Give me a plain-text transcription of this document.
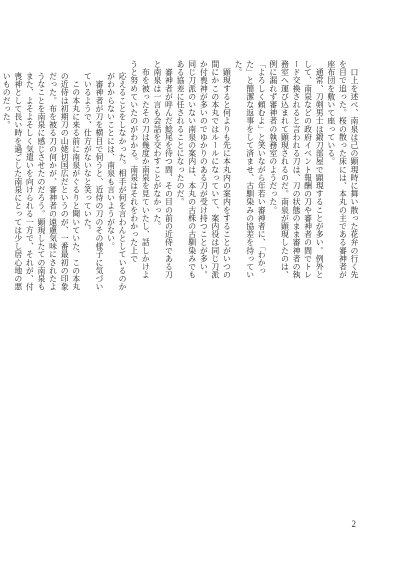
　口上を述べ、南泉は己の顕現時に舞い散った花弁の行く先を目で追った。桜の散った床には、本丸の主である審神者が座布団を敷いて座っている。

　通常、刀剣男士は鍛刀部屋で顕現することが多い。例外として、南泉などの政府イベント報酬の刀や審神者の間でトレード交換されると言われる刀は、刀の状態のまま審神者の執務室へ運び込まれて顕現されるのだ。南泉が顕現したのは、例に漏れず審神者の執務室のようだった。

「よろしく頼むよ」と笑いながら年若い審神者に、「わかった」と簡潔な返事をして済ませ、古馴染みの協差を待っていた。

　顕現すると何よりも先に本丸内の案内をすることがいつの間にかこの本丸ではルールになっていて、案内役は同じ刀派か付喪神が多いのでゆかりのある刀が受け持つことが多い。同じ刀派のいない南泉の案内は、本丸の古株の古馴染みでもある協差に任されることになったのだ。

　審神者が呼んだ鯰尾を待つ間、その目の前の近侍である刀と南泉は一言も会話を交わすことがなかった。

　布を被ったその刀は幾度か南泉を見ていたし、話しかけようと努めていたのがわかる。南泉はそれをわかった上で

応えることをしなかった。相手が何を言わんとしているのかがわからないことには、南泉も言いようがない。

　審神者が刀を横目で伺うと、近侍の刀のその様子に気づいているようで、仕方がないなと笑っていた。

　この本丸に来る前に南泉がぐるりと聞いていた、この本丸の近侍は初期刀の山姥切国広だというのが、一番最初の印象だった。布を被る刀の何かが、審神者の遠慮気味にされたようなことを南泉に感じさせたのだろう。顕現したての南泉もまた、よそよそしく気遣いを向けられる一方で、それが、付喪神として長い時を過ごした南泉にとっては少し居心地の悪いものだった。

2
